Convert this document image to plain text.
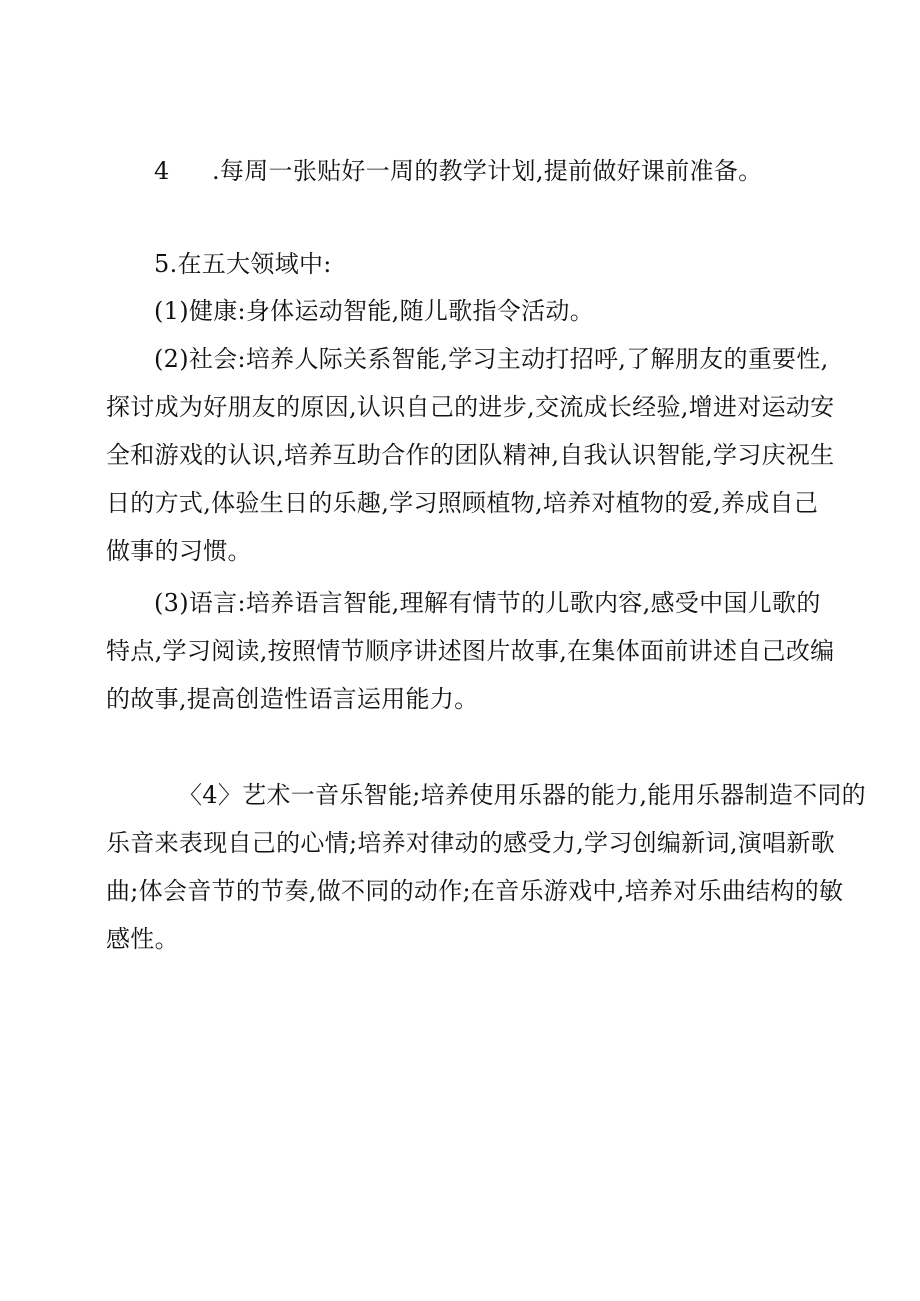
4 .每周一张贴好一周的教学计划,提前做好课前准备。
5.在五大领域中:
(1)健康:身体运动智能,随儿歌指令活动。
(2)社会:培养人际关系智能,学习主动打招呼,了解朋友的重要性,
探讨成为好朋友的原因,认识自己的进步,交流成长经验,增进对运动安
全和游戏的认识,培养互助合作的团队精神,自我认识智能,学习庆祝生
日的方式,体验生日的乐趣,学习照顾植物,培养对植物的爱,养成自己
做事的习惯。
(3)语言:培养语言智能,理解有情节的儿歌内容,感受中国儿歌的
特点,学习阅读,按照情节顺序讲述图片故事,在集体面前讲述自己改编
的故事,提高创造性语言运用能力。
〈4〉艺术一音乐智能;培养使用乐器的能力,能用乐器制造不同的
乐音来表现自己的心情;培养对律动的感受力,学习创编新词,演唱新歌
曲;体会音节的节奏,做不同的动作;在音乐游戏中,培养对乐曲结构的敏
感性。
